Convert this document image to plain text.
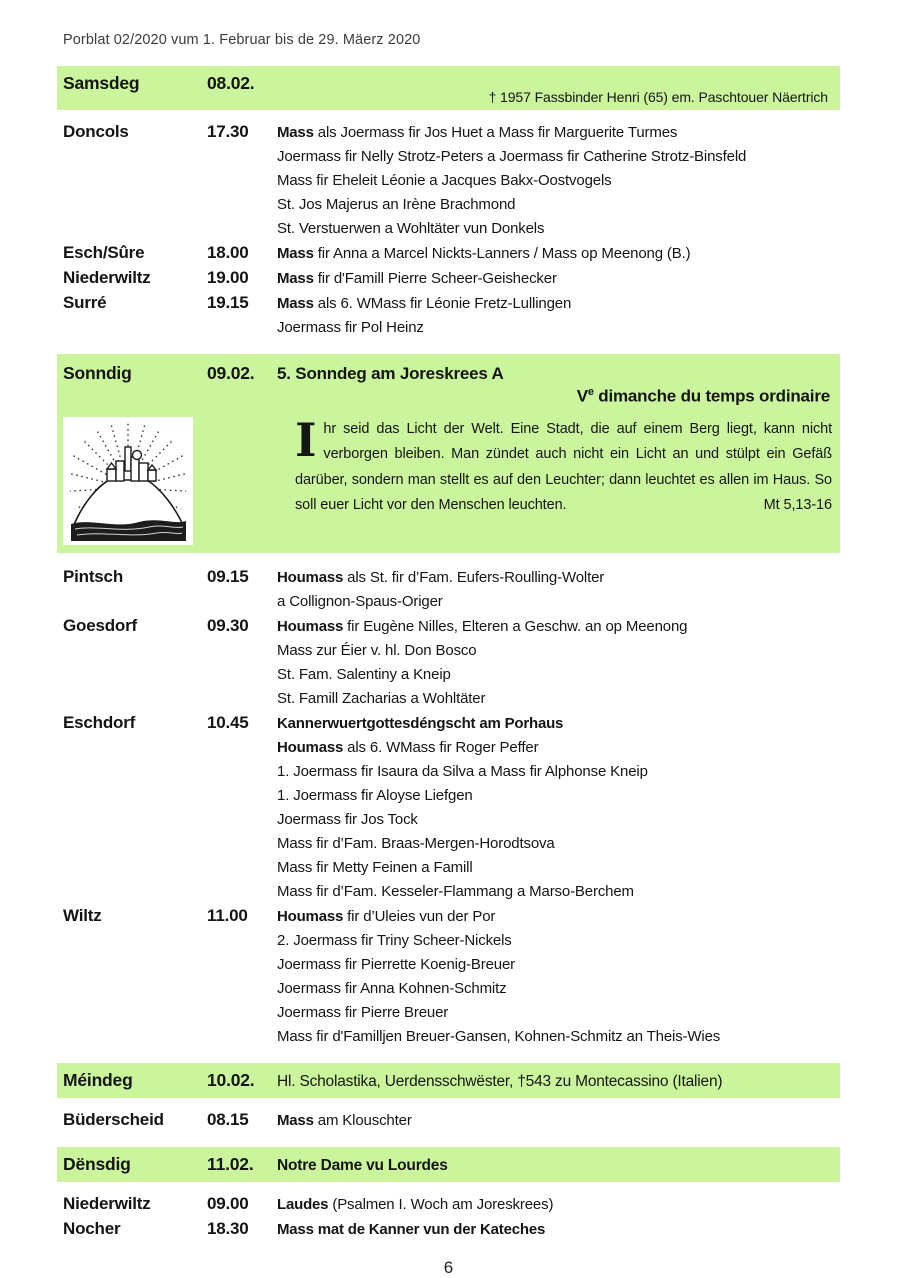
Porblat 02/2020 vum 1. Februar bis de 29. Mäerz 2020
Samsdeg	08.02.
† 1957 Fassbinder Henri (65) em. Paschtouer Näertrich
Doncols	17.30	Mass als Joermass fir Jos Huet a Mass fir Marguerite Turmes
Joermass fir Nelly Strotz-Peters a Joermass fir Catherine Strotz-Binsfeld
Mass fir Eheleit Léonie a Jacques Bakx-Oostvogels
St. Jos Majerus an Irène Brachmond
St. Verstuerwen a Wohltäter vun Donkels
Esch/Sûre	18.00	Mass fir Anna a Marcel Nickts-Lanners / Mass op Meenong (B.)
Niederwiltz	19.00	Mass fir d'Famill Pierre Scheer-Geishecker
Surré	19.15	Mass als 6. WMass fir Léonie Fretz-Lullingen
Joermass fir Pol Heinz
Sonndig	09.02.	5. Sonndeg am Joreskrees A
Ve dimanche du temps ordinaire
Ihr seid das Licht der Welt. Eine Stadt, die auf einem Berg liegt, kann nicht verborgen bleiben. Man zündet auch nicht ein Licht an und stülpt ein Gefäß darüber, sondern man stellt es auf den Leuchter; dann leuchtet es allen im Haus. So soll euer Licht vor den Menschen leuchten.	Mt 5,13-16
Pintsch	09.15	Houmass als St. fir d’Fam. Eufers-Roulling-Wolter
a Collignon-Spaus-Origer
Goesdorf	09.30	Houmass fir Eugène Nilles, Elteren a Geschw. an op Meenong
Mass zur Éier v. hl. Don Bosco
St. Fam. Salentiny a Kneip
St. Famill Zacharias a Wohltäter
Eschdorf	10.45	Kannerwuertgottesdéngscht am Porhaus
Houmass als 6. WMass fir Roger Peffer
1. Joermass fir Isaura da Silva a Mass fir Alphonse Kneip
1. Joermass fir Aloyse Liefgen
Joermass fir Jos Tock
Mass fir d’Fam. Braas-Mergen-Horodtsova
Mass fir Metty Feinen a Famill
Mass fir d’Fam. Kesseler-Flammang a Marso-Berchem
Wiltz	11.00	Houmass fir d’Uleies vun der Por
2. Joermass fir Triny Scheer-Nickels
Joermass fir Pierrette Koenig-Breuer
Joermass fir Anna Kohnen-Schmitz
Joermass fir Pierre Breuer
Mass fir d'Familljen Breuer-Gansen, Kohnen-Schmitz an Theis-Wies
Méindeg	10.02.	Hl. Scholastika, Uerdensschwëster, †543 zu Montecassino (Italien)
Büderscheid	08.15	Mass am Klouschter
Dënsdig	11.02.	Notre Dame vu Lourdes
Niederwiltz	09.00	Laudes (Psalmen I. Woch am Joreskrees)
Nocher	18.30	Mass mat de Kanner vun der Kateches
6
